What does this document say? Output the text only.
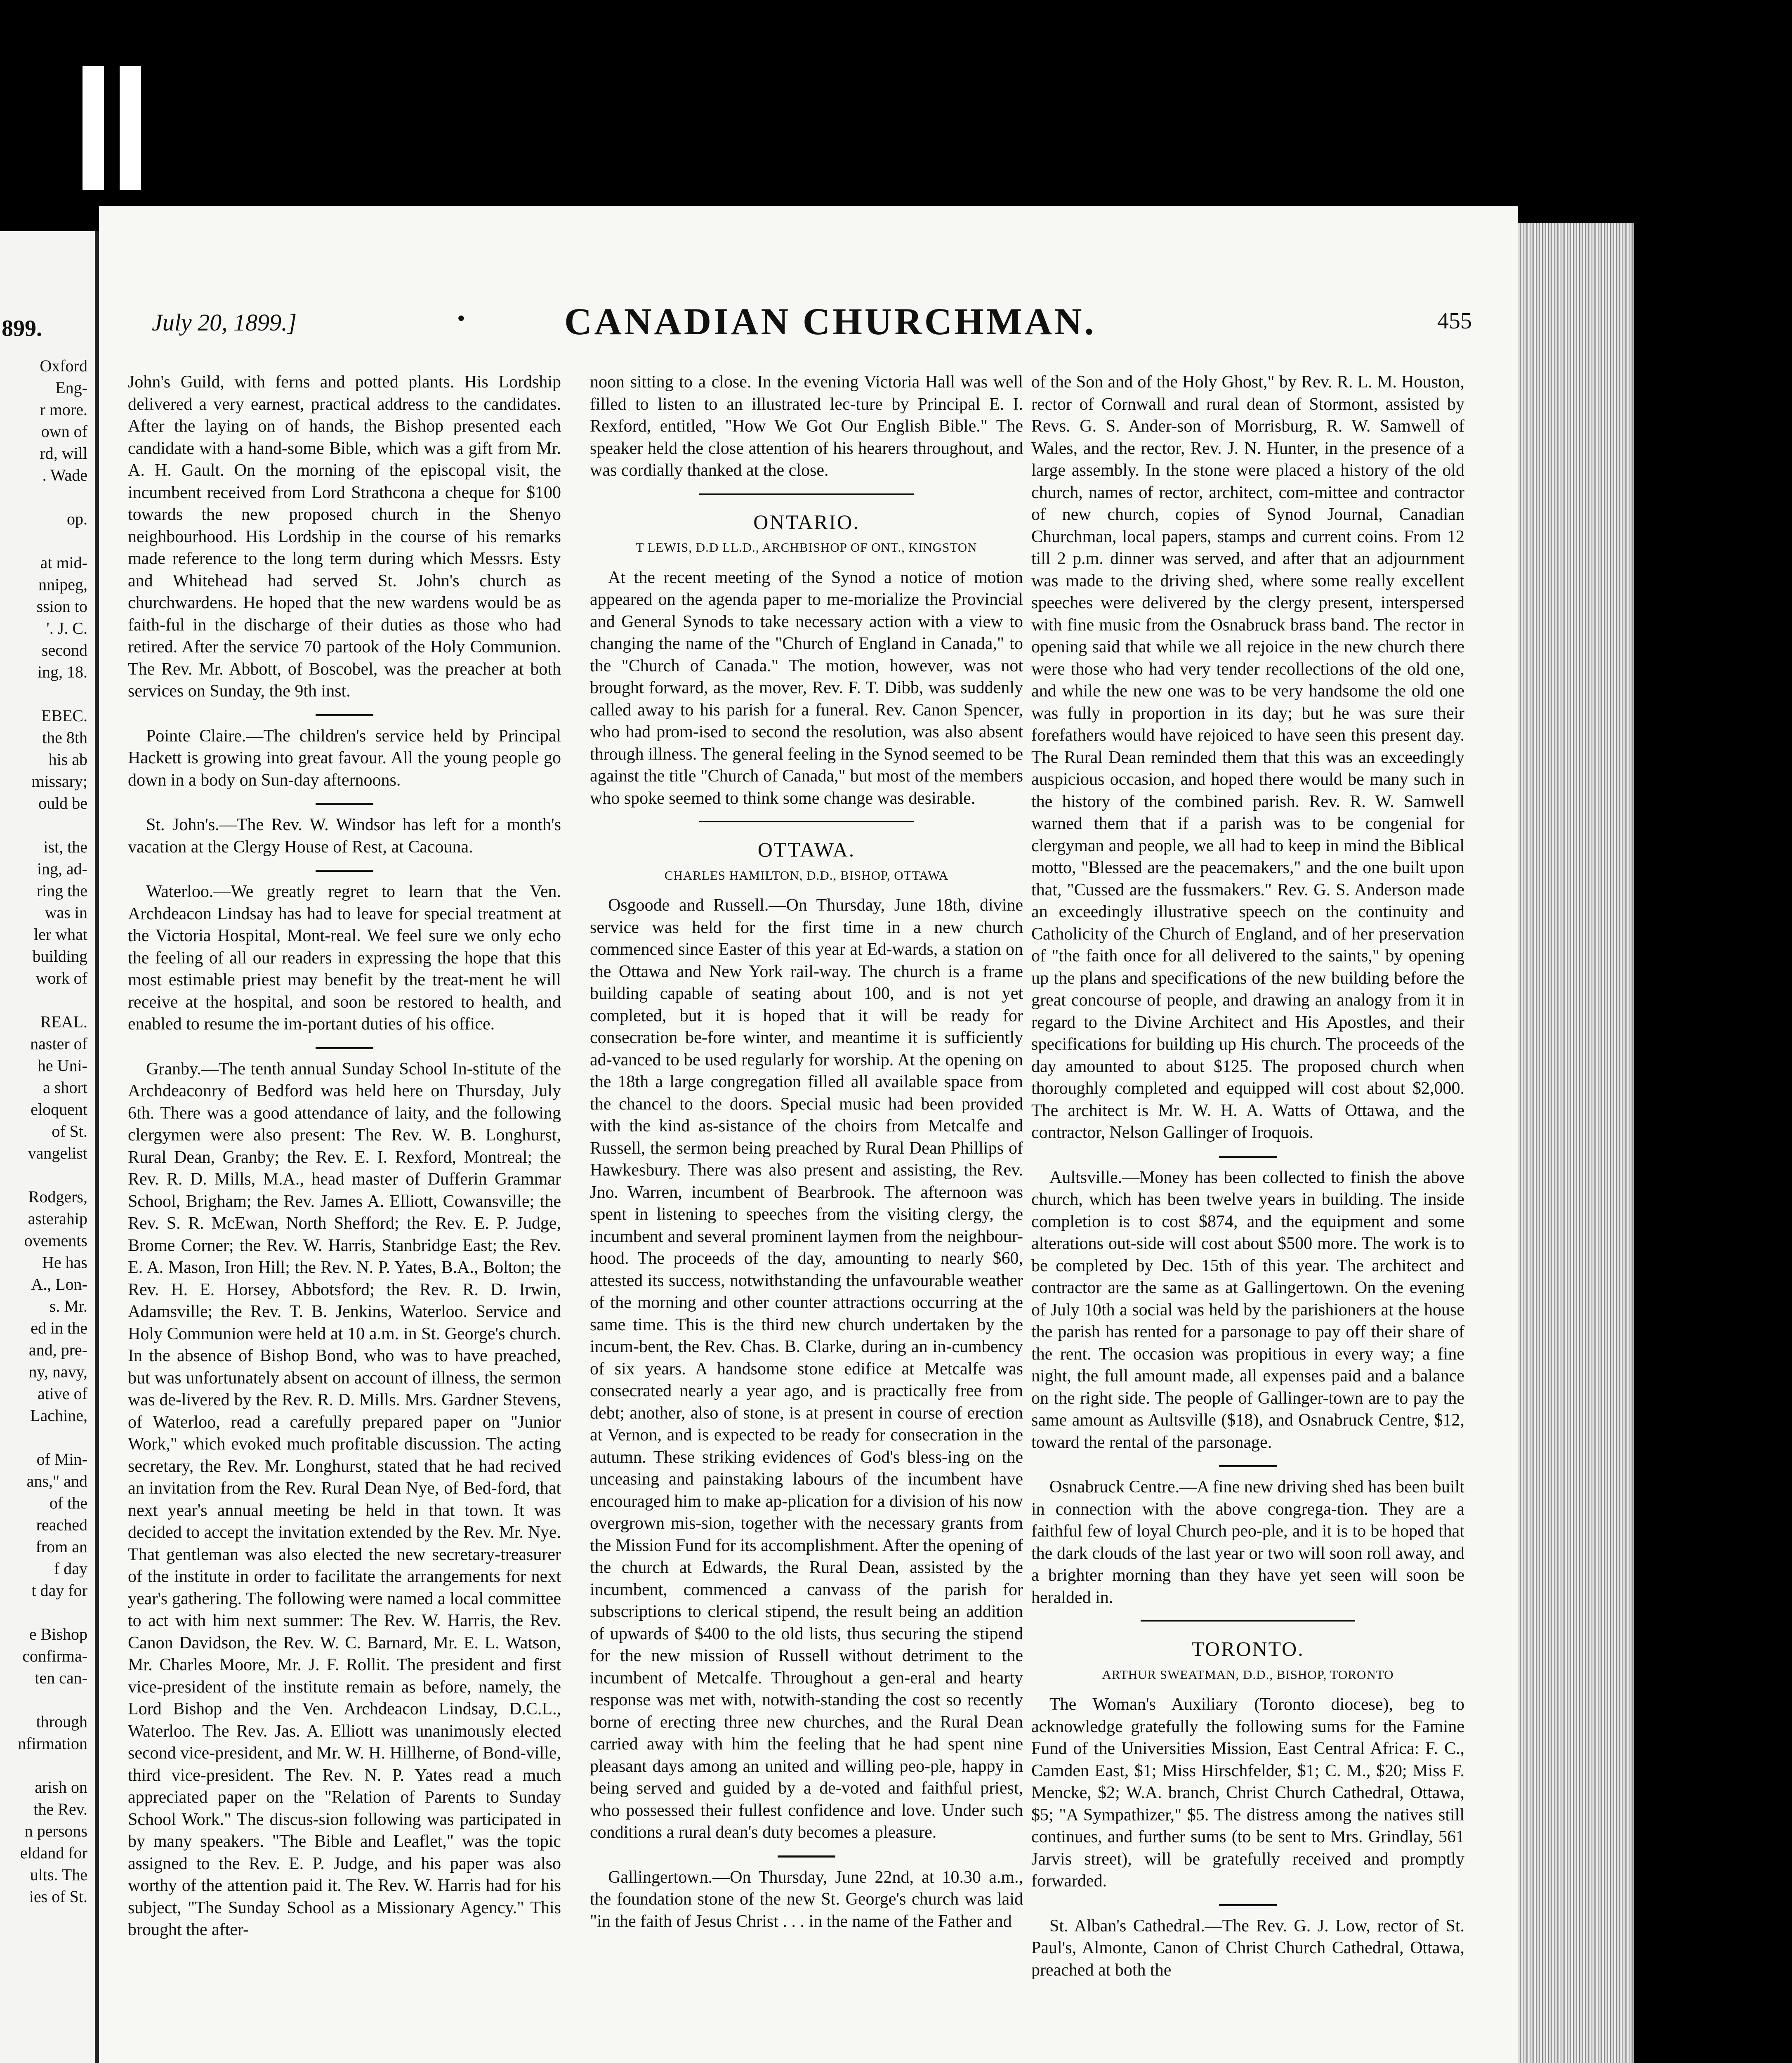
899.
Oxford
Eng-
r more.
own of
rd, will
. Wade

op.

at mid-
nnipeg,
ssion to
'. J. C.
second
ing, 18.

EBEC.
the 8th
his ab
missary;
ould be

ist, the
ing, ad-
ring the
was in
ler what
building
work of

REAL.
naster of
he Uni-
a short
eloquent
of St.
vangelist

Rodgers,
asterahip
ovements
He has
A., Lon-
s. Mr.
ed in the
and, pre-
ny, navy,
ative of
Lachine,

of Min-
ans," and
of the
reached
from an
f day
t day for

e Bishop
confirma-
ten can-

through
nfirmation

arish on
the Rev.
n persons
eldand for
ults. The
ies of St.
July 20, 1899.]	•	CANADIAN CHURCHMAN.	455

John's Guild, with ferns and potted plants. His Lordship delivered a very earnest, practical address to the candidates. After the laying on of hands, the Bishop presented each candidate with a hand-some Bible, which was a gift from Mr. A. H. Gault. On the morning of the episcopal visit, the incumbent received from Lord Strathcona a cheque for $100 towards the new proposed church in the Shenyo neighbourhood. His Lordship in the course of his remarks made reference to the long term during which Messrs. Esty and Whitehead had served St. John's church as churchwardens. He hoped that the new wardens would be as faith-ful in the discharge of their duties as those who had retired. After the service 70 partook of the Holy Communion. The Rev. Mr. Abbott, of Boscobel, was the preacher at both services on Sunday, the 9th inst.

Pointe Claire.—The children's service held by Principal Hackett is growing into great favour. All the young people go down in a body on Sun-day afternoons.

St. John's.—The Rev. W. Windsor has left for a month's vacation at the Clergy House of Rest, at Cacouna.

Waterloo.—We greatly regret to learn that the Ven. Archdeacon Lindsay has had to leave for special treatment at the Victoria Hospital, Mont-real. We feel sure we only echo the feeling of all our readers in expressing the hope that this most estimable priest may benefit by the treat-ment he will receive at the hospital, and soon be restored to health, and enabled to resume the im-portant duties of his office.

Granby.—The tenth annual Sunday School In-stitute of the Archdeaconry of Bedford was held here on Thursday, July 6th. There was a good attendance of laity, and the following clergymen were also present: The Rev. W. B. Longhurst, Rural Dean, Granby; the Rev. E. I. Rexford, Montreal; the Rev. R. D. Mills, M.A., head master of Dufferin Grammar School, Brigham; the Rev. James A. Elliott, Cowansville; the Rev. S. R. McEwan, North Shefford; the Rev. E. P. Judge, Brome Corner; the Rev. W. Harris, Stanbridge East; the Rev. E. A. Mason, Iron Hill; the Rev. N. P. Yates, B.A., Bolton; the Rev. H. E. Horsey, Abbotsford; the Rev. R. D. Irwin, Adamsville; the Rev. T. B. Jenkins, Waterloo. Service and Holy Communion were held at 10 a.m. in St. George's church. In the absence of Bishop Bond, who was to have preached, but was unfortunately absent on account of illness, the sermon was de-livered by the Rev. R. D. Mills. Mrs. Gardner Stevens, of Waterloo, read a carefully prepared paper on "Junior Work," which evoked much profitable discussion. The acting secretary, the Rev. Mr. Longhurst, stated that he had recived an invitation from the Rev. Rural Dean Nye, of Bed-ford, that next year's annual meeting be held in that town. It was decided to accept the invitation extended by the Rev. Mr. Nye. That gentleman was also elected the new secretary-treasurer of the institute in order to facilitate the arrangements for next year's gathering. The following were named a local committee to act with him next summer: The Rev. W. Harris, the Rev. Canon Davidson, the Rev. W. C. Barnard, Mr. E. L. Watson, Mr. Charles Moore, Mr. J. F. Rollit. The president and first vice-president of the institute remain as before, namely, the Lord Bishop and the Ven. Archdeacon Lindsay, D.C.L., Waterloo. The Rev. Jas. A. Elliott was unanimously elected second vice-president, and Mr. W. H. Hillherne, of Bond-ville, third vice-president. The Rev. N. P. Yates read a much appreciated paper on the "Relation of Parents to Sunday School Work." The discus-sion following was participated in by many speakers. "The Bible and Leaflet," was the topic assigned to the Rev. E. P. Judge, and his paper was also worthy of the attention paid it. The Rev. W. Harris had for his subject, "The Sunday School as a Missionary Agency." This brought the after-

noon sitting to a close. In the evening Victoria Hall was well filled to listen to an illustrated lec-ture by Principal E. I. Rexford, entitled, "How We Got Our English Bible." The speaker held the close attention of his hearers throughout, and was cordially thanked at the close.

ONTARIO.
T LEWIS, D.D LL.D., ARCHBISHOP OF ONT., KINGSTON

At the recent meeting of the Synod a notice of motion appeared on the agenda paper to me-morialize the Provincial and General Synods to take necessary action with a view to changing the name of the "Church of England in Canada," to the "Church of Canada." The motion, however, was not brought forward, as the mover, Rev. F. T. Dibb, was suddenly called away to his parish for a funeral. Rev. Canon Spencer, who had prom-ised to second the resolution, was also absent through illness. The general feeling in the Synod seemed to be against the title "Church of Canada," but most of the members who spoke seemed to think some change was desirable.

OTTAWA.
CHARLES HAMILTON, D.D., BISHOP, OTTAWA

Osgoode and Russell.—On Thursday, June 18th, divine service was held for the first time in a new church commenced since Easter of this year at Ed-wards, a station on the Ottawa and New York rail-way. The church is a frame building capable of seating about 100, and is not yet completed, but it is hoped that it will be ready for consecration be-fore winter, and meantime it is sufficiently ad-vanced to be used regularly for worship. At the opening on the 18th a large congregation filled all available space from the chancel to the doors. Special music had been provided with the kind as-sistance of the choirs from Metcalfe and Russell, the sermon being preached by Rural Dean Phillips of Hawkesbury. There was also present and assisting, the Rev. Jno. Warren, incumbent of Bearbrook. The afternoon was spent in listening to speeches from the visiting clergy, the incumbent and several prominent laymen from the neighbour-hood. The proceeds of the day, amounting to nearly $60, attested its success, notwithstanding the unfavourable weather of the morning and other counter attractions occurring at the same time. This is the third new church undertaken by the incum-bent, the Rev. Chas. B. Clarke, during an in-cumbency of six years. A handsome stone edifice at Metcalfe was consecrated nearly a year ago, and is practically free from debt; another, also of stone, is at present in course of erection at Vernon, and is expected to be ready for consecration in the autumn. These striking evidences of God's bless-ing on the unceasing and painstaking labours of the incumbent have encouraged him to make ap-plication for a division of his now overgrown mis-sion, together with the necessary grants from the Mission Fund for its accomplishment. After the opening of the church at Edwards, the Rural Dean, assisted by the incumbent, commenced a canvass of the parish for subscriptions to clerical stipend, the result being an addition of upwards of $400 to the old lists, thus securing the stipend for the new mission of Russell without detriment to the incumbent of Metcalfe. Throughout a gen-eral and hearty response was met with, notwith-standing the cost so recently borne of erecting three new churches, and the Rural Dean carried away with him the feeling that he had spent nine pleasant days among an united and willing peo-ple, happy in being served and guided by a de-voted and faithful priest, who possessed their fullest confidence and love. Under such conditions a rural dean's duty becomes a pleasure.

Gallingertown.—On Thursday, June 22nd, at 10.30 a.m., the foundation stone of the new St. George's church was laid "in the faith of Jesus Christ . . . in the name of the Father and

of the Son and of the Holy Ghost," by Rev. R. L. M. Houston, rector of Cornwall and rural dean of Stormont, assisted by Revs. G. S. Ander-son of Morrisburg, R. W. Samwell of Wales, and the rector, Rev. J. N. Hunter, in the presence of a large assembly. In the stone were placed a history of the old church, names of rector, architect, com-mittee and contractor of new church, copies of Synod Journal, Canadian Churchman, local papers, stamps and current coins. From 12 till 2 p.m. dinner was served, and after that an adjournment was made to the driving shed, where some really excellent speeches were delivered by the clergy present, interspersed with fine music from the Osnabruck brass band. The rector in opening said that while we all rejoice in the new church there were those who had very tender recollections of the old one, and while the new one was to be very handsome the old one was fully in proportion in its day; but he was sure their forefathers would have rejoiced to have seen this present day. The Rural Dean reminded them that this was an exceedingly auspicious occasion, and hoped there would be many such in the history of the combined parish. Rev. R. W. Samwell warned them that if a parish was to be congenial for clergyman and people, we all had to keep in mind the Biblical motto, "Blessed are the peacemakers," and the one built upon that, "Cussed are the fussmakers." Rev. G. S. Anderson made an exceedingly illustrative speech on the continuity and Catholicity of the Church of England, and of her preservation of "the faith once for all delivered to the saints," by opening up the plans and specifications of the new building before the great concourse of people, and drawing an analogy from it in regard to the Divine Architect and His Apostles, and their specifications for building up His church. The proceeds of the day amounted to about $125. The proposed church when thoroughly completed and equipped will cost about $2,000. The architect is Mr. W. H. A. Watts of Ottawa, and the contractor, Nelson Gallinger of Iroquois.

Aultsville.—Money has been collected to finish the above church, which has been twelve years in building. The inside completion is to cost $874, and the equipment and some alterations out-side will cost about $500 more. The work is to be completed by Dec. 15th of this year. The architect and contractor are the same as at Gallingertown. On the evening of July 10th a social was held by the parishioners at the house the parish has rented for a parsonage to pay off their share of the rent. The occasion was propitious in every way; a fine night, the full amount made, all expenses paid and a balance on the right side. The people of Gallinger-town are to pay the same amount as Aultsville ($18), and Osnabruck Centre, $12, toward the rental of the parsonage.

Osnabruck Centre.—A fine new driving shed has been built in connection with the above congrega-tion. They are a faithful few of loyal Church peo-ple, and it is to be hoped that the dark clouds of the last year or two will soon roll away, and a brighter morning than they have yet seen will soon be heralded in.

TORONTO.
ARTHUR SWEATMAN, D.D., BISHOP, TORONTO

The Woman's Auxiliary (Toronto diocese), beg to acknowledge gratefully the following sums for the Famine Fund of the Universities Mission, East Central Africa: F. C., Camden East, $1; Miss Hirschfelder, $1; C. M., $20; Miss F. Mencke, $2; W.A. branch, Christ Church Cathedral, Ottawa, $5; "A Sympathizer," $5. The distress among the natives still continues, and further sums (to be sent to Mrs. Grindlay, 561 Jarvis street), will be gratefully received and promptly forwarded.

St. Alban's Cathedral.—The Rev. G. J. Low, rector of St. Paul's, Almonte, Canon of Christ Church Cathedral, Ottawa, preached at both the
